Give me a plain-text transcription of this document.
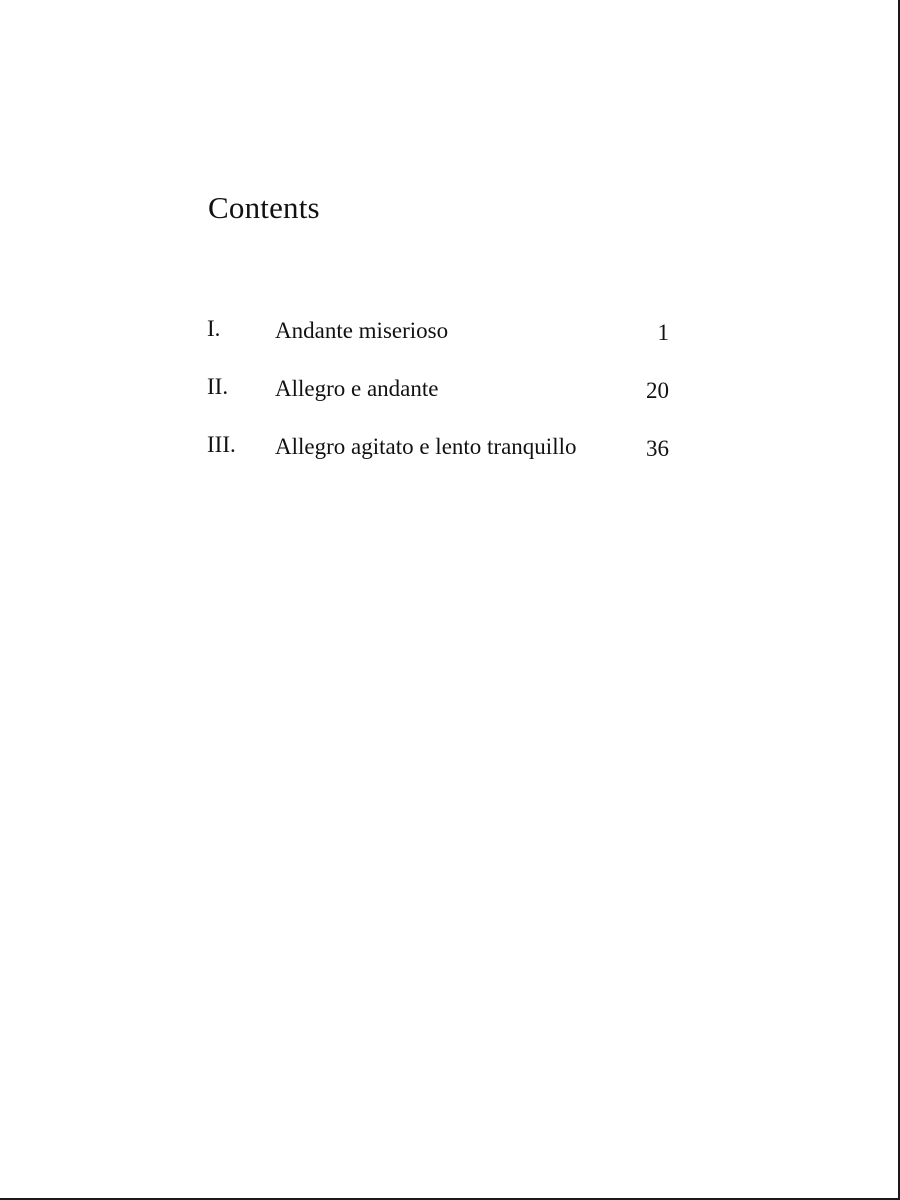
Contents
I. Andante miserioso	1
II. Allegro e andante	20
III. Allegro agitato e lento tranquillo	36
